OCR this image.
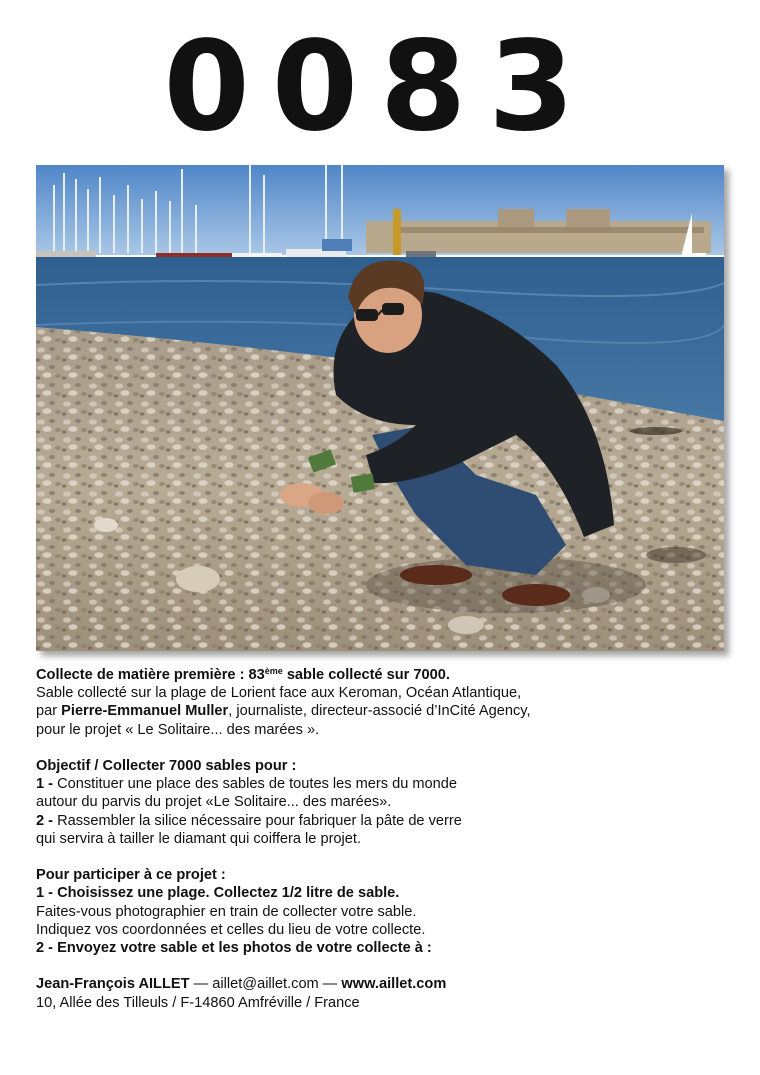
0083

Collecte de matière première : 83ème sable collecté sur 7000.

Sable collecté sur la plage de Lorient face aux Keroman, Océan Atlantique,

par Pierre-Emmanuel Muller, journaliste, directeur-associé d’InCité Agency,

pour le projet « Le Solitaire... des marées ».

Objectif / Collecter 7000 sables pour :

1 - Constituer une place des sables de toutes les mers du monde

autour du parvis du projet «Le Solitaire... des marées».

2 - Rassembler la silice nécessaire pour fabriquer la pâte de verre

qui servira à tailler le diamant qui coiffera le projet.

Pour participer à ce projet :

1 - Choisissez une plage. Collectez 1/2 litre de sable.

Faites-vous photographier en train de collecter votre sable.

Indiquez vos coordonnées et celles du lieu de votre collecte.

2 - Envoyez votre sable et les photos de votre collecte à :

Jean-François AILLET — aillet@aillet.com — www.aillet.com

10, Allée des Tilleuls / F-14860 Amfréville / France
